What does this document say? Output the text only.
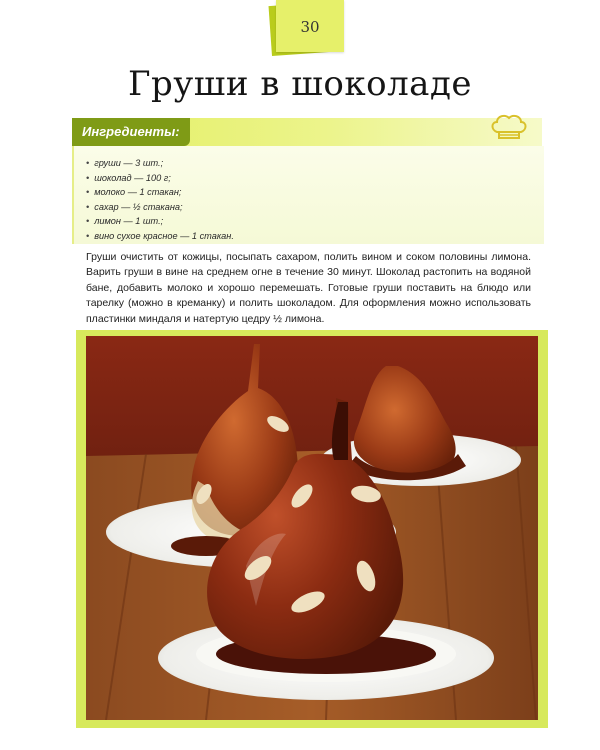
30
Груши в шоколаде
Ингредиенты:
• груши — 3 шт.;
• шоколад — 100 г;
• молоко — 1 стакан;
• сахар — ½ стакана;
• лимон — 1 шт.;
• вино сухое красное — 1 стакан.

Груши очистить от кожицы, посыпать сахаром, полить вином и соком половины лимона. Варить груши в вине на среднем огне в течение 30 минут. Шоколад растопить на водяной бане, добавить молоко и хорошо перемешать. Готовые груши поставить на блюдо или тарелку (можно в креманку) и полить шоколадом. Для оформления можно использовать пластинки миндаля и натертую цедру ½ лимона.
